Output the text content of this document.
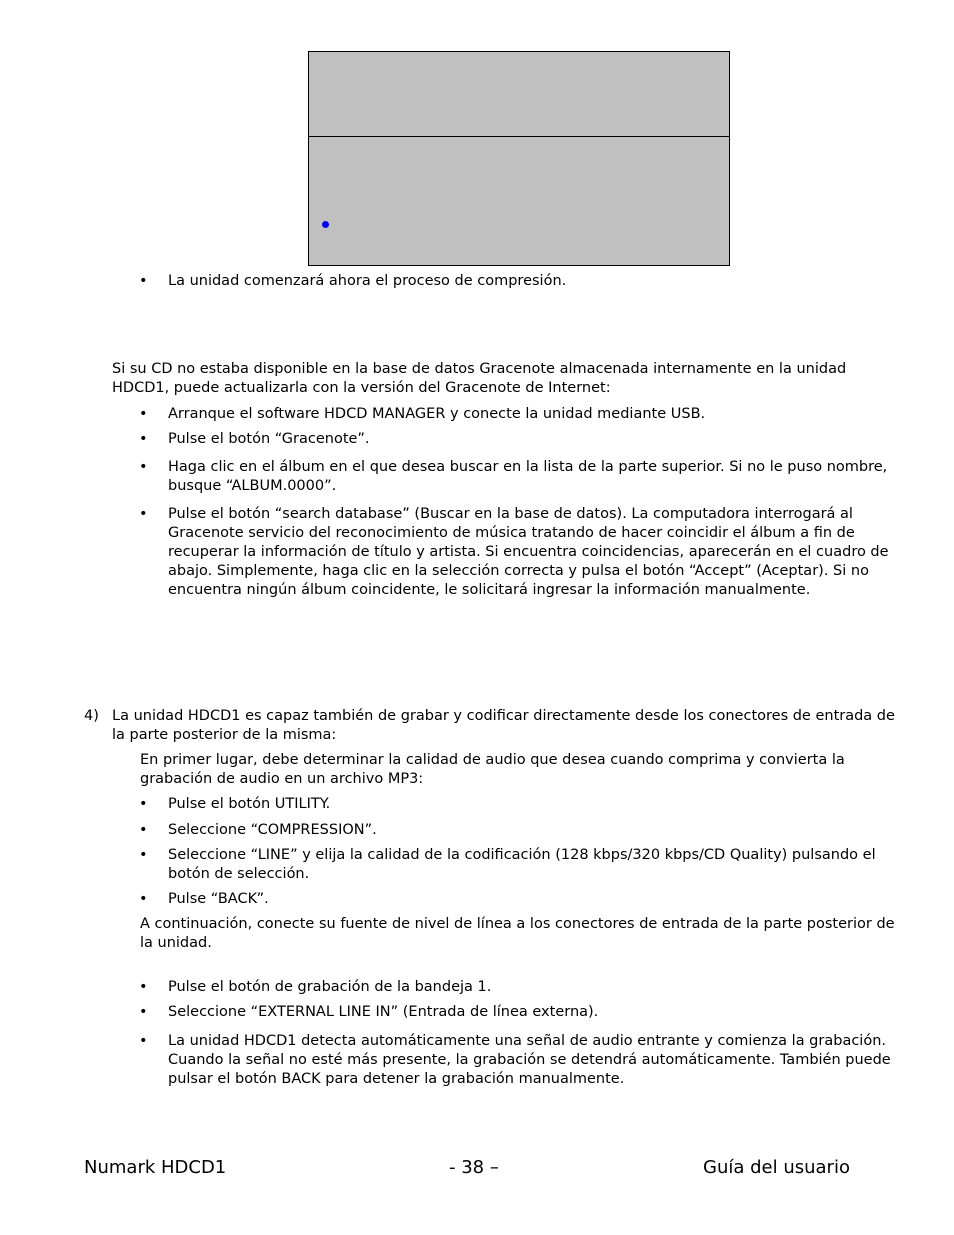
•	La unidad comenzará ahora el proceso de compresión.
Si su CD no estaba disponible en la base de datos Gracenote almacenada internamente en la unidad HDCD1, puede actualizarla con la versión del Gracenote de Internet:
•	Arranque el software HDCD MANAGER y conecte la unidad mediante USB.
•	Pulse el botón “Gracenote”.
•	Haga clic en el álbum en el que desea buscar en la lista de la parte superior. Si no le puso nombre, busque “ALBUM.0000”.
•	Pulse el botón “search database” (Buscar en la base de datos). La computadora interrogará al Gracenote servicio del reconocimiento de música tratando de hacer coincidir el álbum a fin de recuperar la información de título y artista. Si encuentra coincidencias, aparecerán en el cuadro de abajo. Simplemente, haga clic en la selección correcta y pulsa el botón “Accept” (Aceptar). Si no encuentra ningún álbum coincidente, le solicitará ingresar la información manualmente.
4) La unidad HDCD1 es capaz también de grabar y codificar directamente desde los conectores de entrada de la parte posterior de la misma:
En primer lugar, debe determinar la calidad de audio que desea cuando comprima y convierta la grabación de audio en un archivo MP3:
•	Pulse el botón UTILITY.
•	Seleccione “COMPRESSION”.
•	Seleccione “LINE” y elija la calidad de la codificación (128 kbps/320 kbps/CD Quality) pulsando el botón de selección.
•	Pulse “BACK”.
A continuación, conecte su fuente de nivel de línea a los conectores de entrada de la parte posterior de la unidad.
•	Pulse el botón de grabación de la bandeja 1.
•	Seleccione “EXTERNAL LINE IN” (Entrada de línea externa).
•	La unidad HDCD1 detecta automáticamente una señal de audio entrante y comienza la grabación. Cuando la señal no esté más presente, la grabación se detendrá automáticamente. También puede pulsar el botón BACK para detener la grabación manualmente.
Numark HDCD1	- 38 –	Guía del usuario
